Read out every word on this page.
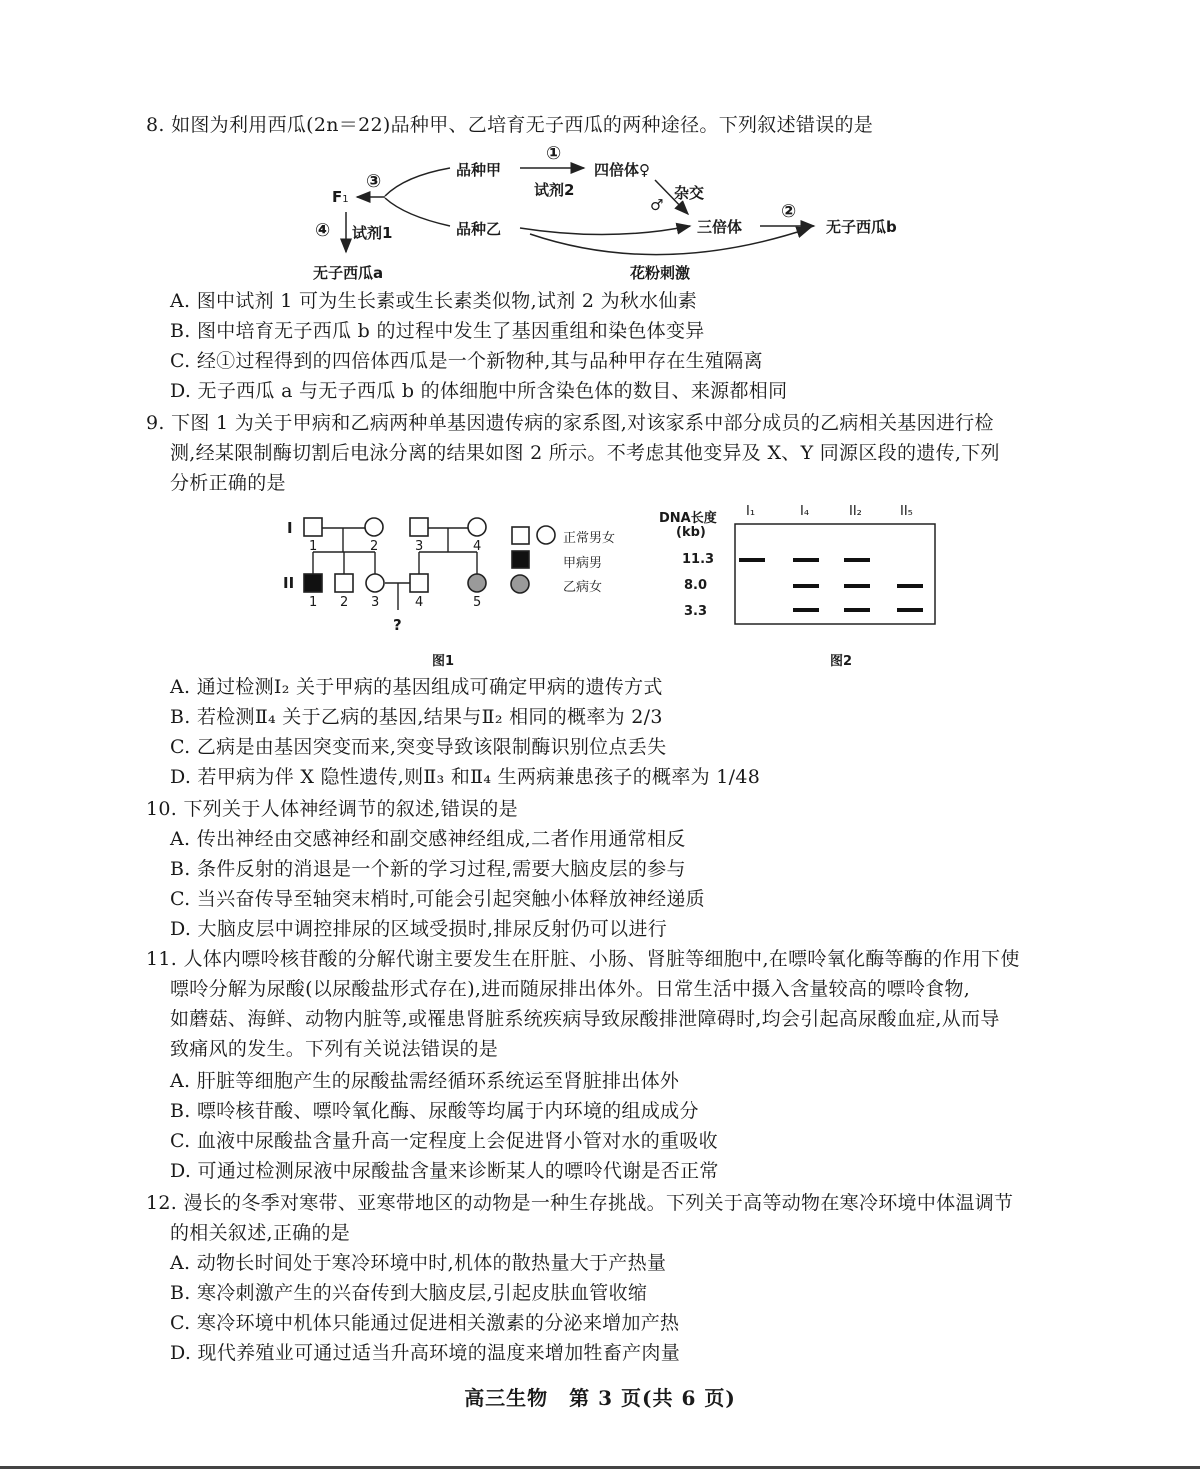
8. 如图为利用西瓜(2n＝22)品种甲、乙培育无子西瓜的两种途径。下列叙述错误的是
品种甲
品种乙
四倍体♀
三倍体
F1
无子西瓜a
无子西瓜b
试剂1
试剂2	杂交
♂
花粉刺激
①
②
③
④
A. 图中试剂 1 可为生长素或生长素类似物,试剂 2 为秋水仙素
B. 图中培育无子西瓜 b 的过程中发生了基因重组和染色体变异
C. 经①过程得到的四倍体西瓜是一个新物种,其与品种甲存在生殖隔离
D. 无子西瓜 a 与无子西瓜 b 的体细胞中所含染色体的数目、来源都相同
9. 下图 1 为关于甲病和乙病两种单基因遗传病的家系图,对该家系中部分成员的乙病相关基因进行检
测,经某限制酶切割后电泳分离的结果如图 2 所示。不考虑其他变异及 X、Y 同源区段的遗传,下列
分析正确的是
I
II
1	2	3	4
1 2 3	4	5
?
正常男女
甲病男
乙病女
图1
DNA长度
(kb)
11.3
8.0
3.3
I₁	I₄	II₂	II₅
图2
A. 通过检测Ⅰ₂ 关于甲病的基因组成可确定甲病的遗传方式
B. 若检测Ⅱ₄ 关于乙病的基因,结果与Ⅱ₂ 相同的概率为 2/3
C. 乙病是由基因突变而来,突变导致该限制酶识别位点丢失
D. 若甲病为伴 X 隐性遗传,则Ⅱ₃ 和Ⅱ₄ 生两病兼患孩子的概率为 1/48
10. 下列关于人体神经调节的叙述,错误的是
A. 传出神经由交感神经和副交感神经组成,二者作用通常相反
B. 条件反射的消退是一个新的学习过程,需要大脑皮层的参与
C. 当兴奋传导至轴突末梢时,可能会引起突触小体释放神经递质
D. 大脑皮层中调控排尿的区域受损时,排尿反射仍可以进行
11. 人体内嘌呤核苷酸的分解代谢主要发生在肝脏、小肠、肾脏等细胞中,在嘌呤氧化酶等酶的作用下使
嘌呤分解为尿酸(以尿酸盐形式存在),进而随尿排出体外。日常生活中摄入含量较高的嘌呤食物,
如蘑菇、海鲜、动物内脏等,或罹患肾脏系统疾病导致尿酸排泄障碍时,均会引起高尿酸血症,从而导
致痛风的发生。下列有关说法错误的是
A. 肝脏等细胞产生的尿酸盐需经循环系统运至肾脏排出体外
B. 嘌呤核苷酸、嘌呤氧化酶、尿酸等均属于内环境的组成成分
C. 血液中尿酸盐含量升高一定程度上会促进肾小管对水的重吸收
D. 可通过检测尿液中尿酸盐含量来诊断某人的嘌呤代谢是否正常
12. 漫长的冬季对寒带、亚寒带地区的动物是一种生存挑战。下列关于高等动物在寒冷环境中体温调节
的相关叙述,正确的是
A. 动物长时间处于寒冷环境中时,机体的散热量大于产热量
B. 寒冷刺激产生的兴奋传到大脑皮层,引起皮肤血管收缩
C. 寒冷环境中机体只能通过促进相关激素的分泌来增加产热
D. 现代养殖业可通过适当升高环境的温度来增加牲畜产肉量
高三生物　第 3 页(共 6 页)
